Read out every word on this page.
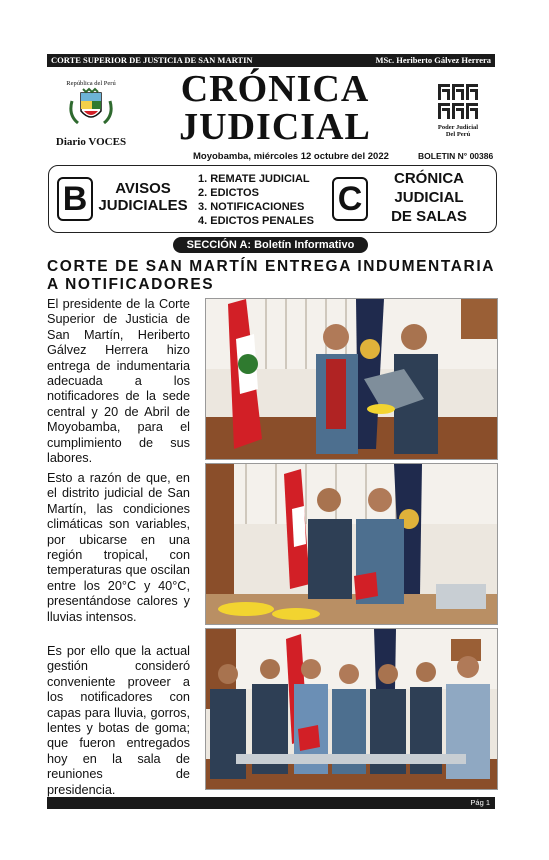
CORTE SUPERIOR DE JUSTICIA DE SAN MARTIN	MSc. Heriberto Gálvez Herrera
República del Perú
Diario VOCES
CRÓNICA
JUDICIAL	Poder Judicial
Del Perú
Moyobamba, miércoles 12 octubre del 2022	BOLETIN N° 00386
B	AVISOS
JUDICIALES
1. REMATE JUDICIAL
2. EDICTOS
3. NOTIFICACIONES
4. EDICTOS PENALES
C
CRÓNICA
JUDICIAL
DE SALAS
SECCIÓN A: Boletín Informativo
CORTE DE SAN MARTÍN ENTREGA INDUMENTARIA A NOTIFICADORES
El presidente de la Corte Superior de Justicia de San Martín, Heriberto Gálvez Herrera hizo entrega de indumentaria adecuada a los notificadores de la sede central y 20 de Abril de Moyobamba, para el cumplimiento de sus labores.
Esto a razón de que, en el distrito judicial de San Martín, las condiciones climáticas son variables, por ubicarse en una región tropical, con temperaturas que oscilan entre los 20°C y 40°C, presentándose calores y lluvias intensos.
Es por ello que la actual gestión consideró conveniente proveer a los notificadores con capas para lluvia, gorros, lentes y botas de goma; que fueron entregados hoy en la sala de reuniones de presidencia.
Pág 1
